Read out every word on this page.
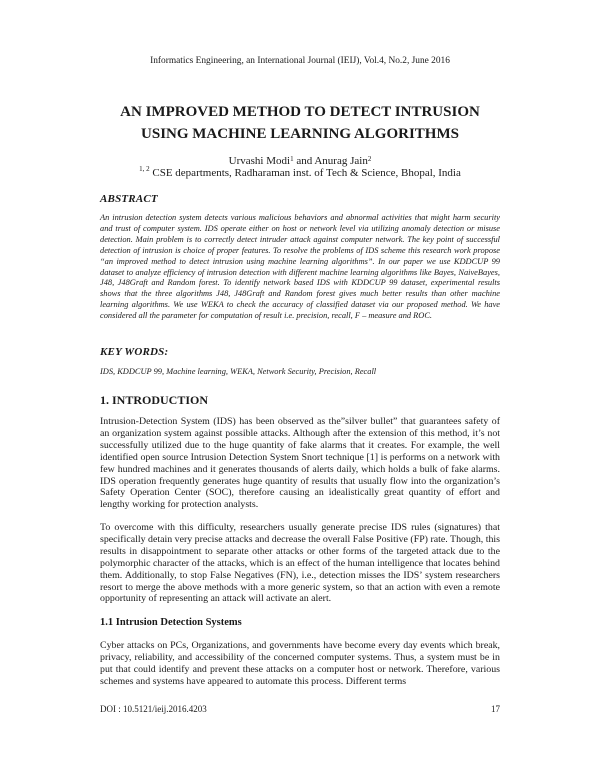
Informatics Engineering, an International Journal (IEIJ), Vol.4, No.2, June 2016
AN IMPROVED METHOD TO DETECT INTRUSION
USING MACHINE LEARNING ALGORITHMS
Urvashi Modi$^1$ and Anurag Jain$^2$
$^{1, 2}$ CSE departments, Radharaman inst. of Tech & Science, Bhopal, India
ABSTRACT
An intrusion detection system detects various malicious behaviors and abnormal activities that might harm security and trust of computer system. IDS operate either on host or network level via utilizing anomaly detection or misuse detection. Main problem is to correctly detect intruder attack against computer network. The key point of successful detection of intrusion is choice of proper features. To resolve the problems of IDS scheme this research work propose “an improved method to detect intrusion using machine learning algorithms”. In our paper we use KDDCUP 99 dataset to analyze efficiency of intrusion detection with different machine learning algorithms like Bayes, NaiveBayes, J48, J48Graft and Random forest. To identify network based IDS with KDDCUP 99 dataset, experimental results shows that the three algorithms J48, J48Graft and Random forest gives much better results than other machine learning algorithms. We use WEKA to check the accuracy of classified dataset via our proposed method. We have considered all the parameter for computation of result i.e. precision, recall, F – measure and ROC.
KEY WORDS:
IDS, KDDCUP 99, Machine learning, WEKA, Network Security, Precision, Recall
1. INTRODUCTION
Intrusion-Detection System (IDS) has been observed as the”silver bullet” that guarantees safety of an organization system against possible attacks. Although after the extension of this method, it’s not successfully utilized due to the huge quantity of fake alarms that it creates. For example, the well identified open source Intrusion Detection System Snort technique [1] is performs on a network with few hundred machines and it generates thousands of alerts daily, which holds a bulk of fake alarms. IDS operation frequently generates huge quantity of results that usually flow into the organization’s Safety Operation Center (SOC), therefore causing an idealistically great quantity of effort and lengthy working for protection analysts.
To overcome with this difficulty, researchers usually generate precise IDS rules (signatures) that specifically detain very precise attacks and decrease the overall False Positive (FP) rate. Though, this results in disappointment to separate other attacks or other forms of the targeted attack due to the polymorphic character of the attacks, which is an effect of the human intelligence that locates behind them. Additionally, to stop False Negatives (FN), i.e., detection misses the IDS’ system researchers resort to merge the above methods with a more generic system, so that an action with even a remote opportunity of representing an attack will activate an alert.
1.1 Intrusion Detection Systems
Cyber attacks on PCs, Organizations, and governments have become every day events which break, privacy, reliability, and accessibility of the concerned computer systems. Thus, a system must be in put that could identify and prevent these attacks on a computer host or network. Therefore, various schemes and systems have appeared to automate this process. Different terms
DOI : 10.5121/ieij.2016.4203	17
